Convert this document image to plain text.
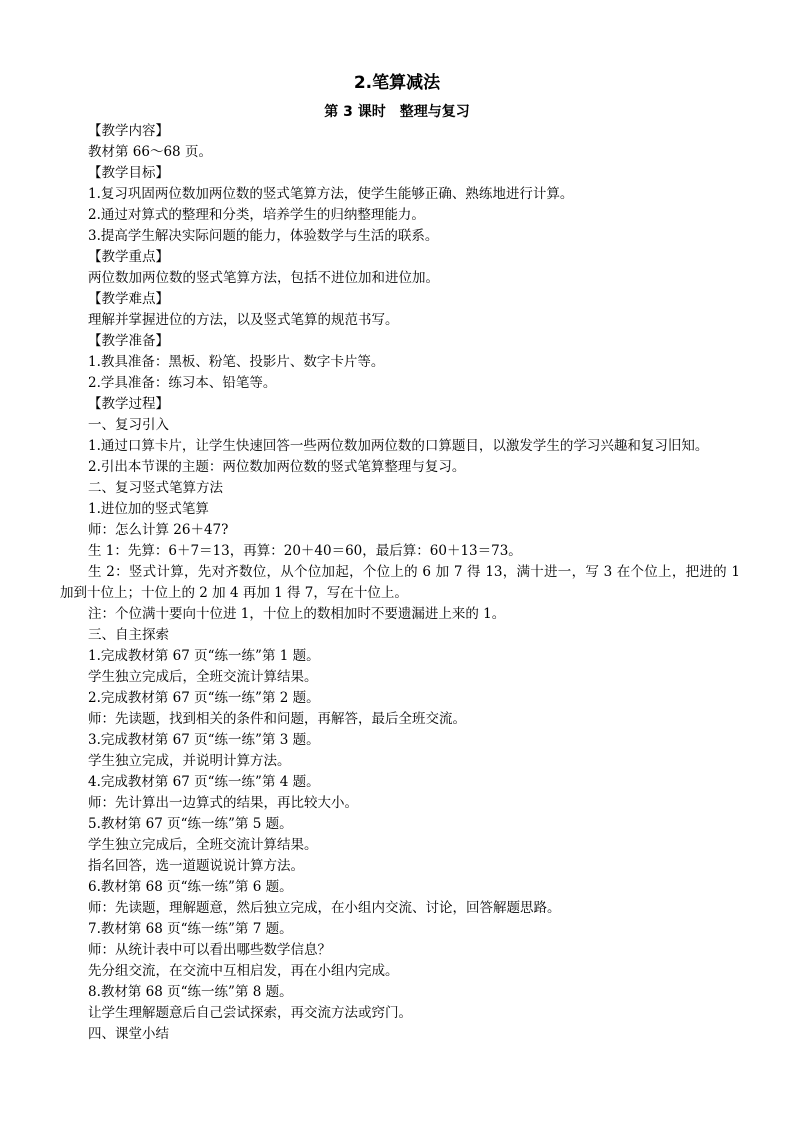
2.笔算减法
第 3 课时　整理与复习

【教学内容】

教材第 66～68 页。

【教学目标】

1.复习巩固两位数加两位数的竖式笔算方法，使学生能够正确、熟练地进行计算。

2.通过对算式的整理和分类，培养学生的归纳整理能力。

3.提高学生解决实际问题的能力，体验数学与生活的联系。

【教学重点】

两位数加两位数的竖式笔算方法，包括不进位加和进位加。

【教学难点】

理解并掌握进位的方法，以及竖式笔算的规范书写。

【教学准备】

1.教具准备：黑板、粉笔、投影片、数字卡片等。

2.学具准备：练习本、铅笔等。

【教学过程】

一、复习引入

1.通过口算卡片，让学生快速回答一些两位数加两位数的口算题目，以激发学生的学习兴趣和复习旧知。

2.引出本节课的主题：两位数加两位数的竖式笔算整理与复习。

二、复习竖式笔算方法

1.进位加的竖式笔算

师：怎么计算 26＋47?

生 1：先算：6＋7＝13，再算：20＋40＝60，最后算：60＋13＝73。

生 2：竖式计算，先对齐数位，从个位加起，个位上的 6 加 7 得 13，满十进一，写 3 在个位上，把进的 1 加到十位上；十位上的 2 加 4 再加 1 得 7，写在十位上。

注：个位满十要向十位进 1，十位上的数相加时不要遗漏进上来的 1。

三、自主探索

1.完成教材第 67 页“练一练”第 1 题。

学生独立完成后，全班交流计算结果。

2.完成教材第 67 页“练一练”第 2 题。

师：先读题，找到相关的条件和问题，再解答，最后全班交流。

3.完成教材第 67 页“练一练”第 3 题。

学生独立完成，并说明计算方法。

4.完成教材第 67 页“练一练”第 4 题。

师：先计算出一边算式的结果，再比较大小。

5.教材第 67 页“练一练”第 5 题。

学生独立完成后，全班交流计算结果。

指名回答，选一道题说说计算方法。

6.教材第 68 页“练一练”第 6 题。

师：先读题，理解题意，然后独立完成，在小组内交流、讨论，回答解题思路。

7.教材第 68 页“练一练”第 7 题。

师：从统计表中可以看出哪些数学信息？

先分组交流，在交流中互相启发，再在小组内完成。

8.教材第 68 页“练一练”第 8 题。

让学生理解题意后自己尝试探索，再交流方法或窍门。

四、课堂小结
